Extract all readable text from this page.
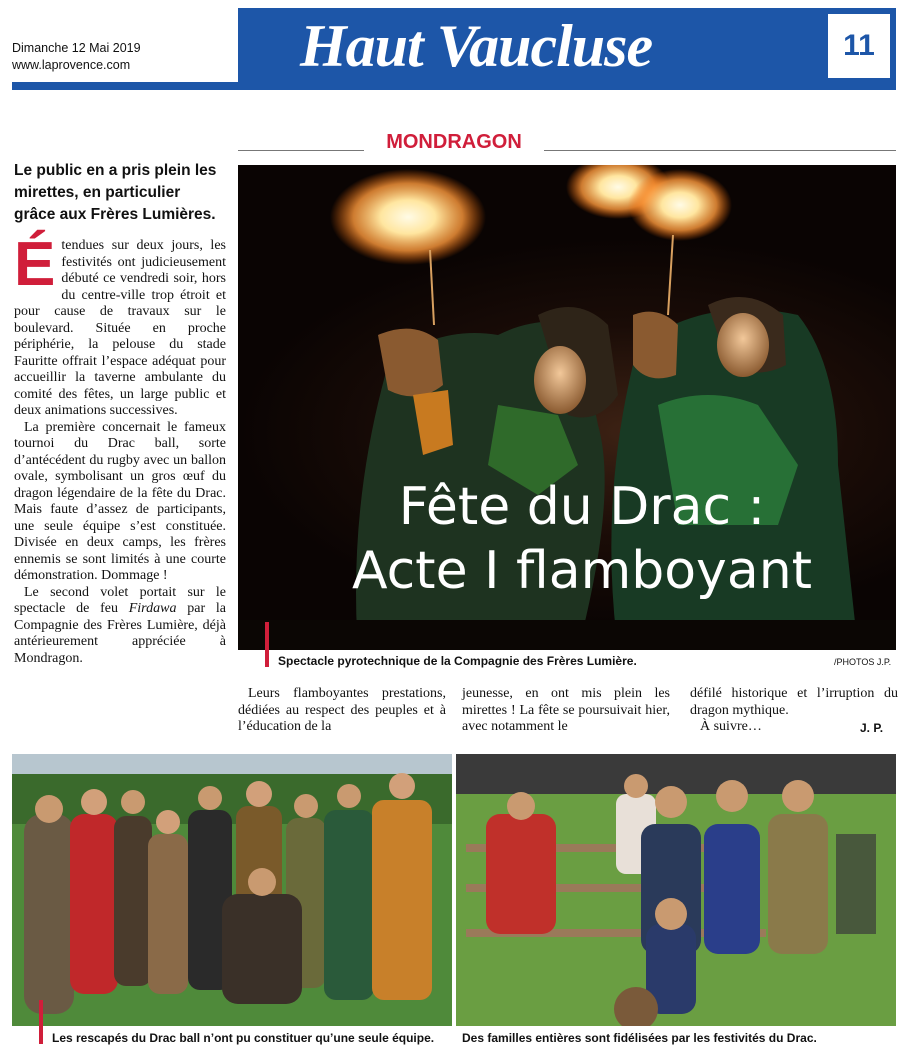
Dimanche 12 Mai 2019
www.laprovence.com	Haut Vaucluse	11
MONDRAGON
Le public en a pris plein les mirettes, en particulier grâce aux Frères Lumières.

Étendues sur deux jours, les festivités ont judicieusement débuté ce vendredi soir, hors du centre-ville trop étroit et pour cause de travaux sur le boulevard. Située en proche périphérie, la pelouse du stade Fauritte offrait l’espace adéquat pour accueillir la taverne ambulante du comité des fêtes, un large public et deux animations successives.

La première concernait le fameux tournoi du Drac ball, sorte d’antécédent du rugby avec un ballon ovale, symbolisant un gros œuf du dragon légendaire de la fête du Drac. Mais faute d’assez de participants, une seule équipe s’est constituée. Divisée en deux camps, les frères ennemis se sont limités à une courte démonstration. Dommage !

Le second volet portait sur le spectacle de feu Firdawa par la Compagnie des Frères Lumière, déjà antérieurement appréciée à Mondragon.

Fête du Drac :
Acte I flamboyant
Spectacle pyrotechnique de la Compagnie des Frères Lumière.	/PHOTOS J.P.

Leurs flamboyantes prestations, dédiées au respect des peuples et à l’éducation de la

jeunesse, en ont mis plein les mirettes ! La fête se poursuivait hier, avec notamment le

défilé historique et l’irruption du dragon mythique.

À suivre…	J. P.
Les rescapés du Drac ball n’ont pu constituer qu’une seule équipe.	Des familles entières sont fidélisées par les festivités du Drac.
